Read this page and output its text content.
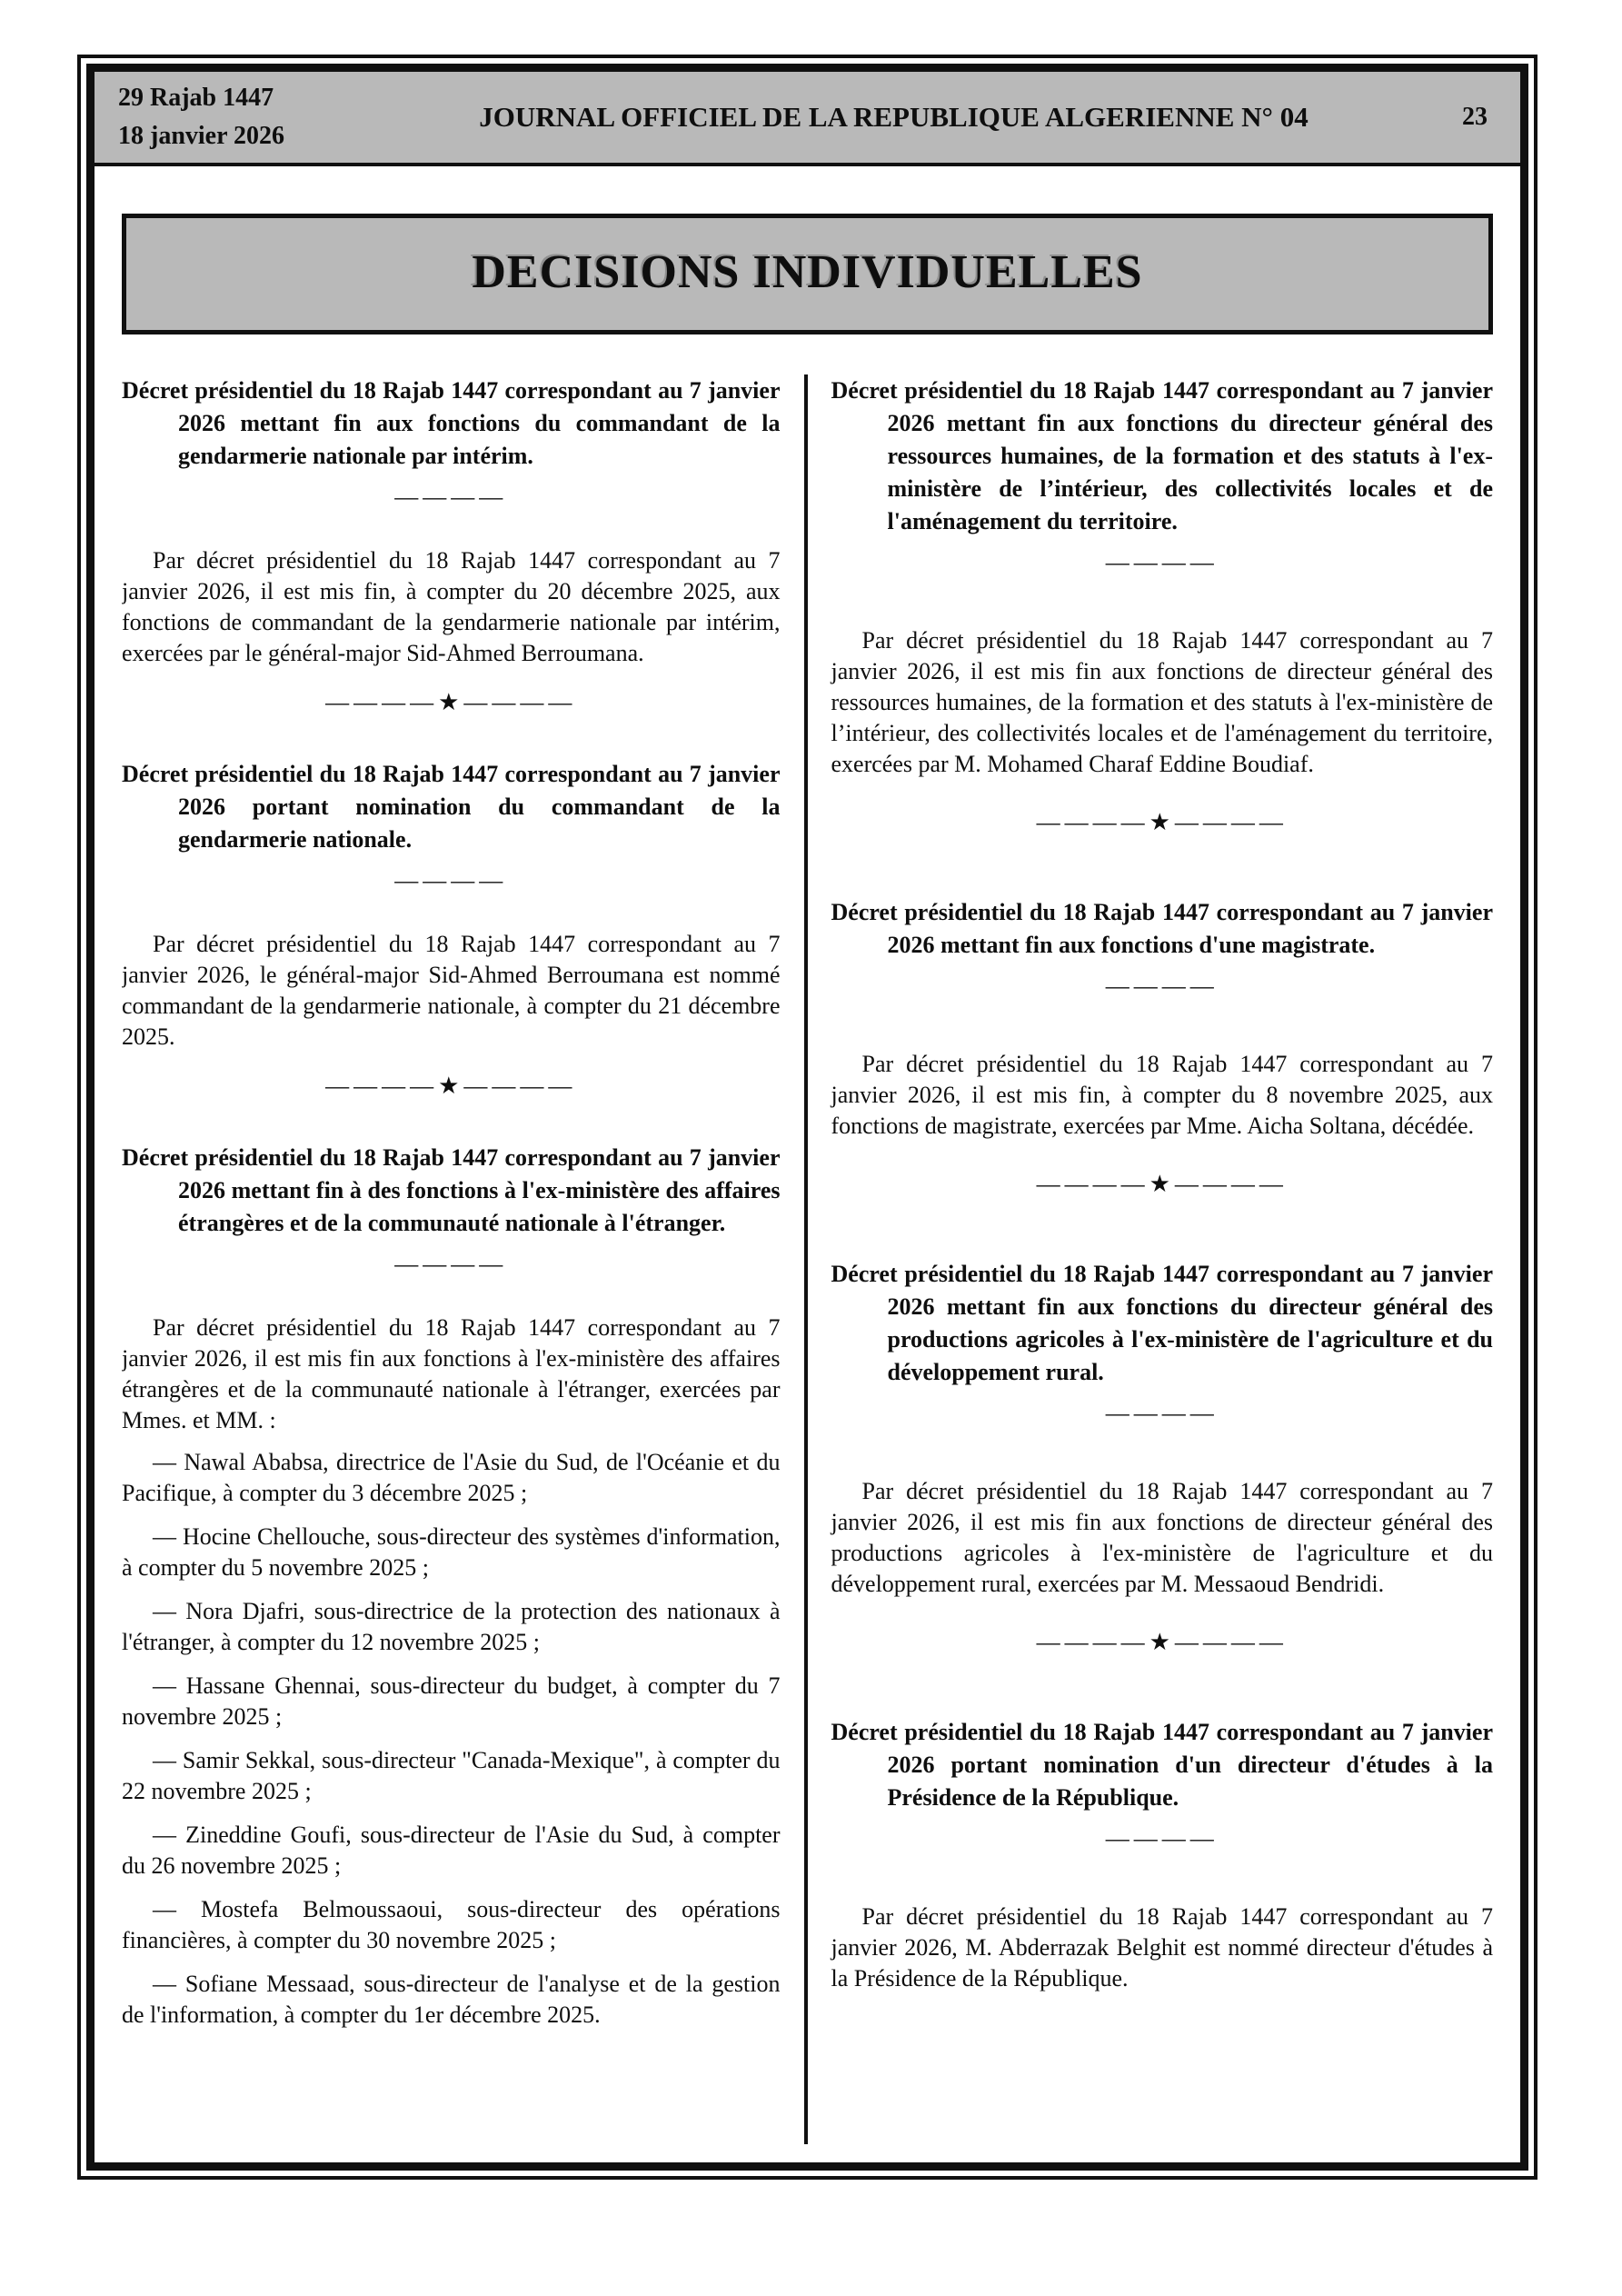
29 Rajab 1447
18 janvier 2026
JOURNAL OFFICIEL DE LA REPUBLIQUE ALGERIENNE N° 04	23
DECISIONS INDIVIDUELLES
Décret présidentiel du 18 Rajab 1447 correspondant au 7 janvier 2026 mettant fin aux fonctions du commandant de la gendarmerie nationale par intérim.
————

Par décret présidentiel du 18 Rajab 1447 correspondant au 7 janvier 2026, il est mis fin, à compter du 20 décembre 2025, aux fonctions de commandant de la gendarmerie nationale par intérim, exercées par le général-major Sid-Ahmed Berroumana.

————★————
Décret présidentiel du 18 Rajab 1447 correspondant au 7 janvier 2026 portant nomination du commandant de la gendarmerie nationale.
————

Par décret présidentiel du 18 Rajab 1447 correspondant au 7 janvier 2026, le général-major Sid-Ahmed Berroumana est nommé commandant de la gendarmerie nationale, à compter du 21 décembre 2025.

————★————
Décret présidentiel du 18 Rajab 1447 correspondant au 7 janvier 2026 mettant fin à des fonctions à l'ex-ministère des affaires étrangères et de la communauté nationale à l'étranger.
————

Par décret présidentiel du 18 Rajab 1447 correspondant au 7 janvier 2026, il est mis fin aux fonctions à l'ex-ministère des affaires étrangères et de la communauté nationale à l'étranger, exercées par Mmes. et MM. :

— Nawal Ababsa, directrice de l'Asie du Sud, de l'Océanie et du Pacifique, à compter du 3 décembre 2025 ;

— Hocine Chellouche, sous-directeur des systèmes d'information, à compter du 5 novembre 2025 ;

— Nora Djafri, sous-directrice de la protection des nationaux à l'étranger, à compter du 12 novembre 2025 ;

— Hassane Ghennai, sous-directeur du budget, à compter du 7 novembre 2025 ;

— Samir Sekkal, sous-directeur "Canada-Mexique", à compter du 22 novembre 2025 ;

— Zineddine Goufi, sous-directeur de l'Asie du Sud, à compter du 26 novembre 2025 ;

— Mostefa Belmoussaoui, sous-directeur des opérations financières, à compter du 30 novembre 2025 ;

— Sofiane Messaad, sous-directeur de l'analyse et de la gestion de l'information, à compter du 1er décembre 2025.

Décret présidentiel du 18 Rajab 1447 correspondant au 7 janvier 2026 mettant fin aux fonctions du directeur général des ressources humaines, de la formation et des statuts à l'ex-ministère de l’intérieur, des collectivités locales et de l'aménagement du territoire.
————

Par décret présidentiel du 18 Rajab 1447 correspondant au 7 janvier 2026, il est mis fin aux fonctions de directeur général des ressources humaines, de la formation et des statuts à l'ex-ministère de l’intérieur, des collectivités locales et de l'aménagement du territoire, exercées par M. Mohamed Charaf Eddine Boudiaf.

————★————
Décret présidentiel du 18 Rajab 1447 correspondant au 7 janvier 2026 mettant fin aux fonctions d'une magistrate.
————

Par décret présidentiel du 18 Rajab 1447 correspondant au 7 janvier 2026, il est mis fin, à compter du 8 novembre 2025, aux fonctions de magistrate, exercées par Mme. Aicha Soltana, décédée.

————★————
Décret présidentiel du 18 Rajab 1447 correspondant au 7 janvier 2026 mettant fin aux fonctions du directeur général des productions agricoles à l'ex-ministère de l'agriculture et du développement rural.
————

Par décret présidentiel du 18 Rajab 1447 correspondant au 7 janvier 2026, il est mis fin aux fonctions de directeur général des productions agricoles à l'ex-ministère de l'agriculture et du développement rural, exercées par M. Messaoud Bendridi.

————★————
Décret présidentiel du 18 Rajab 1447 correspondant au 7 janvier 2026 portant nomination d'un directeur d'études à la Présidence de la République.
————

Par décret présidentiel du 18 Rajab 1447 correspondant au 7 janvier 2026, M. Abderrazak Belghit est nommé directeur d'études à la Présidence de la République.
